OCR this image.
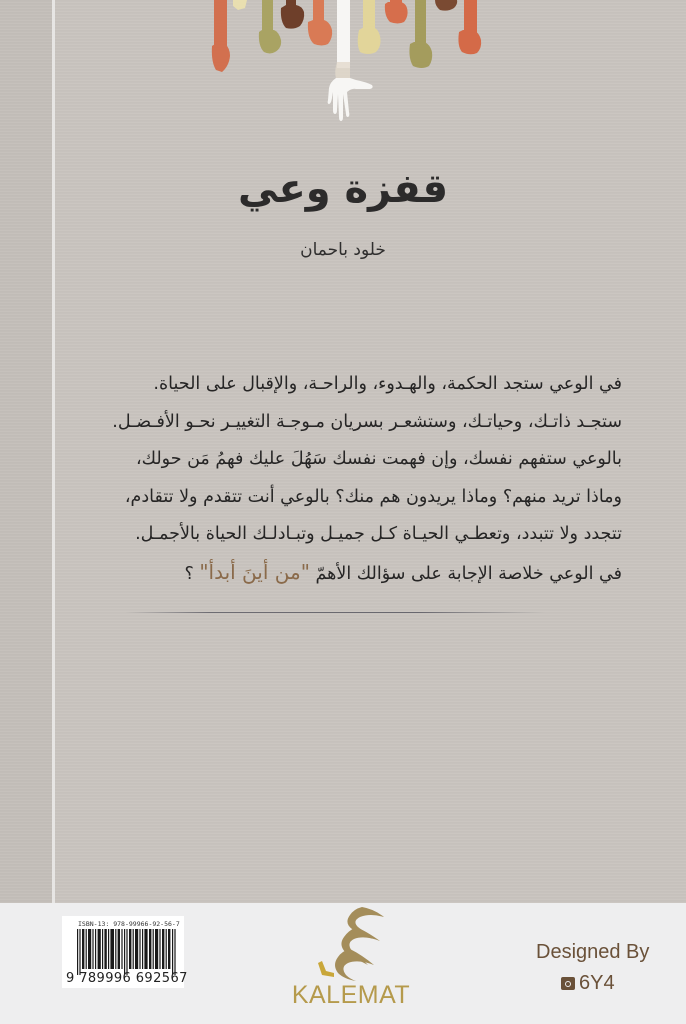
قفزة وعي
خلود باحمان
في الوعي ستجد الحكمة، والهـدوء، والراحـة، والإقبال على الحياة.
ستجـد ذاتـك، وحياتـك، وستشعـر بسريان مـوجـة التغييـر نحـو الأفـضـل.
بالوعي ستفهم نفسك، وإن فهمت نفسك سَهُلَ عليك فهمُ مَن حولك،
وماذا تريد منهم؟ وماذا يريدون هم منك؟ بالوعي أنت تتقدم ولا تتقادم،
تتجدد ولا تتبدد، وتعطـي الحيـاة كـل جميـل وتبـادلـك الحياة بالأجمـل.
في الوعي خلاصة الإجابة على سؤالك الأهمّ "من أينَ أبدأ" ؟
ISBN-13: 978-99966-92-56-7
9 789996 692567
KALEMAT
Designed By
6Y4
